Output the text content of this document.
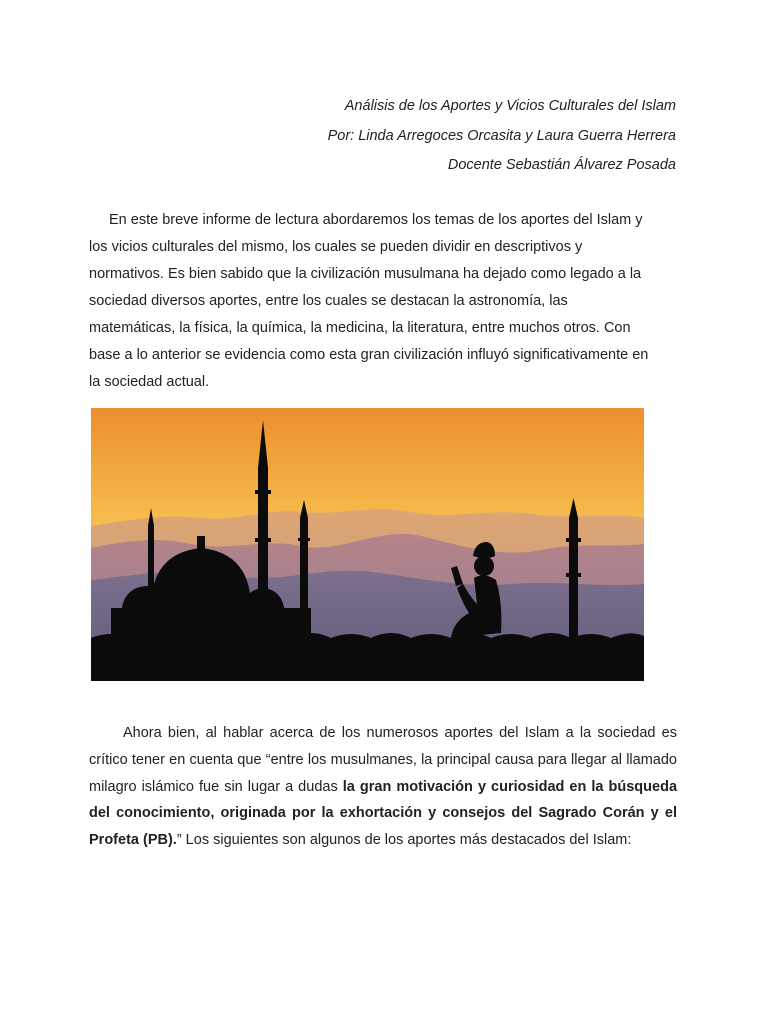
Análisis de los Aportes y Vicios Culturales del Islam
Por: Linda Arregoces Orcasita y Laura Guerra Herrera
Docente Sebastián Álvarez Posada
En este breve informe de lectura abordaremos los temas de los aportes del Islam y
los vicios culturales del mismo, los cuales se pueden dividir en descriptivos y
normativos. Es bien sabido que la civilización musulmana ha dejado como legado a la
sociedad diversos aportes, entre los cuales se destacan la astronomía, las
matemáticas, la física, la química, la medicina, la literatura, entre muchos otros. Con
base a lo anterior se evidencia como esta gran civilización influyó significativamente en
la sociedad actual.
Ahora bien, al hablar acerca de los numerosos aportes del Islam a la sociedad es crítico tener en cuenta que “entre los musulmanes, la principal causa para llegar al llamado milagro islámico fue sin lugar a dudas la gran motivación y curiosidad en la búsqueda del conocimiento, originada por la exhortación y consejos del Sagrado Corán y el Profeta (PB).” Los siguientes son algunos de los aportes más destacados del Islam:
